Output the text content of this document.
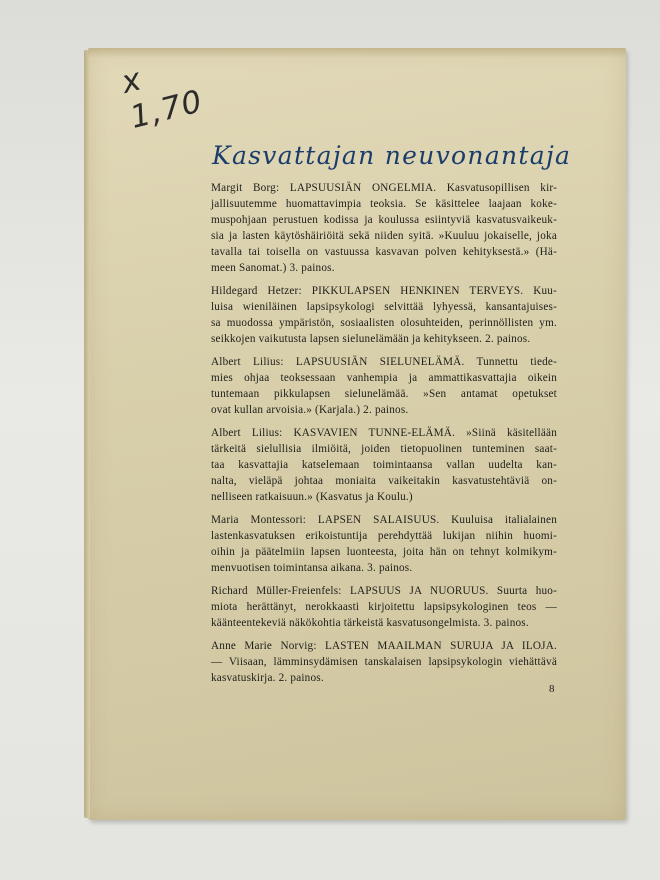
x 1,70
Kasvattajan neuvonantaja
Margit Borg: LAPSUUSIÄN ONGELMIA. Kasvatusopillisen kir-
jallisuutemme huomattavimpia teoksia. Se käsittelee laajaan koke-
muspohjaan perustuen kodissa ja koulussa esiintyviä kasvatusvaikeuk-
sia ja lasten käytöshäiriöitä sekä niiden syitä. »Kuuluu jokaiselle, joka
tavalla tai toisella on vastuussa kasvavan polven kehityksestä.» (Hä-
meen Sanomat.) 3. painos.
Hildegard Hetzer: PIKKULAPSEN HENKINEN TERVEYS. Kuu-
luisa wieniläinen lapsipsykologi selvittää lyhyessä, kansantajuises-
sa muodossa ympäristön, sosiaalisten olosuhteiden, perinnöllisten ym.
seikkojen vaikutusta lapsen sielunelämään ja kehitykseen. 2. painos.
Albert Lilius: LAPSUUSIÄN SIELUNELÄMÄ. Tunnettu tiede-
mies ohjaa teoksessaan vanhempia ja ammattikasvattajia oikein
tuntemaan pikkulapsen sielunelämää. »Sen antamat opetukset
ovat kullan arvoisia.» (Karjala.) 2. painos.
Albert Lilius: KASVAVIEN TUNNE-ELÄMÄ. »Siinä käsitellään
tärkeitä sielullisia ilmiöitä, joiden tietopuolinen tunteminen saat-
taa kasvattajia katselemaan toimintaansa vallan uudelta kan-
nalta, vieläpä johtaa moniaita vaikeitakin kasvatustehtäviä on-
nelliseen ratkaisuun.» (Kasvatus ja Koulu.)
Maria Montessori: LAPSEN SALAISUUS. Kuuluisa italialainen
lastenkasvatuksen erikoistuntija perehdyttää lukijan niihin huomi-
oihin ja päätelmiin lapsen luonteesta, joita hän on tehnyt kolmikym-
menvuotisen toimintansa aikana. 3. painos.
Richard Müller-Freienfels: LAPSUUS JA NUORUUS. Suurta huo-
miota herättänyt, nerokkaasti kirjoitettu lapsipsykologinen teos —
käänteentekeviä näkökohtia tärkeistä kasvatusongelmista. 3. painos.
Anne Marie Norvig: LASTEN MAAILMAN SURUJA JA ILOJA.
— Viisaan, lämminsydämisen tanskalaisen lapsipsykologin viehättävä
kasvatuskirja. 2. painos.
8
